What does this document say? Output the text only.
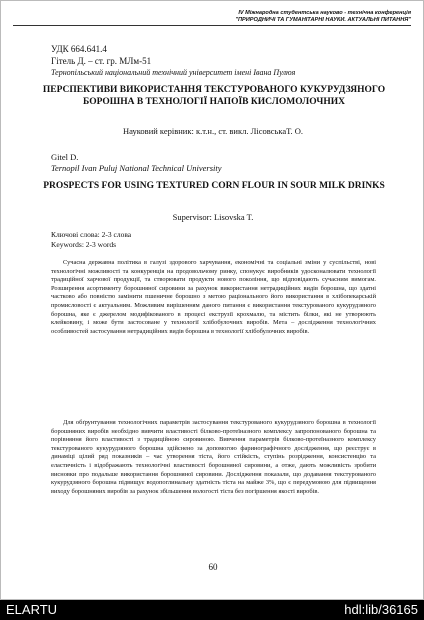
IV Міжнародна студентська науково - технічна конференція
"ПРИРОДНИЧІ ТА ГУМАНІТАРНІ НАУКИ. АКТУАЛЬНІ ПИТАННЯ"
УДК 664.641.4
Гітель Д. – ст. гр. МЛм-51
Тернопільський національний технічний університет імені Івана Пулюя
ПЕРСПЕКТИВИ ВИКОРИСТАННЯ ТЕКСТУРОВАНОГО КУКУРУДЗЯНОГО БОРОШНА В ТЕХНОЛОГІЇ НАПОЇВ КИСЛОМОЛОЧНИХ
Науковий керівник: к.т.н., ст. викл. ЛісовськаТ. О.
Gitel D.
Ternopil Ivan Puluj National Technical University
PROSPECTS FOR USING TEXTURED CORN FLOUR IN SOUR MILK DRINKS
Supervisor: Lisovska T.
Ключові слова: 2-3 слова
Keywords: 2-3 words
Сучасна державна політика в галузі здорового харчування, економічні та соціальні зміни у суспільстві, нові технологічні можливості та конкуренція на продовольчому ринку, спонукує виробників удосконалювати технології традиційної харчової продукції, та створювати продукти нового покоління, що відповідають сучасним вимогам. Розширення асортименту борошняної сировини за рахунок використання нетрадиційних видів борошна, що здатні частково або повністю замінити пшеничне борошно з метою раціонального його використання в хлібопекарській промисловості є актуальним. Можливим вирішенням даного питання є використання текстурованого кукурудзяного борошна, яке є джерелом модифікованого в процесі екструзії крохмалю, та містить білки, які не утворюють клейковину, і може бути застосоване у технології хлібобулочних виробів. Мета – дослідження технологічних особливостей застосування нетрадиційних видів борошна в технології хлібобулочних виробів.
Для обґрунтування технологічних параметрів застосування текстурованого кукурудзяного борошна в технології борошняних виробів необхідно вивчити властивості білково-протеїназного комплексу запропонованого борошна та порівняння його властивості з традиційною сировиною. Вивчення параметрів білково-протеїназного комплексу текстурованого кукурудзяного борошна здійснено за допомогою фаринографічного дослідження, що реєструє в динаміці цілий ряд показників – час утворення тіста, його стійкість, ступінь розрідження, консистенцію та еластичність і відображають технологічні властивості борошняної сировини, а отже, дають можливість зробити висновки про подальше використання борошняної сировини. Дослідження показали, що додавання текстурованого кукурудзяного борошна підвищує водопоглинальну здатність тіста на майже 3%, що є передумовою для підвищення виходу борошняних виробів за рахунок збільшення вологості тіста без погіршення якості виробів.
60
ELARTU	hdl:lib/36165
